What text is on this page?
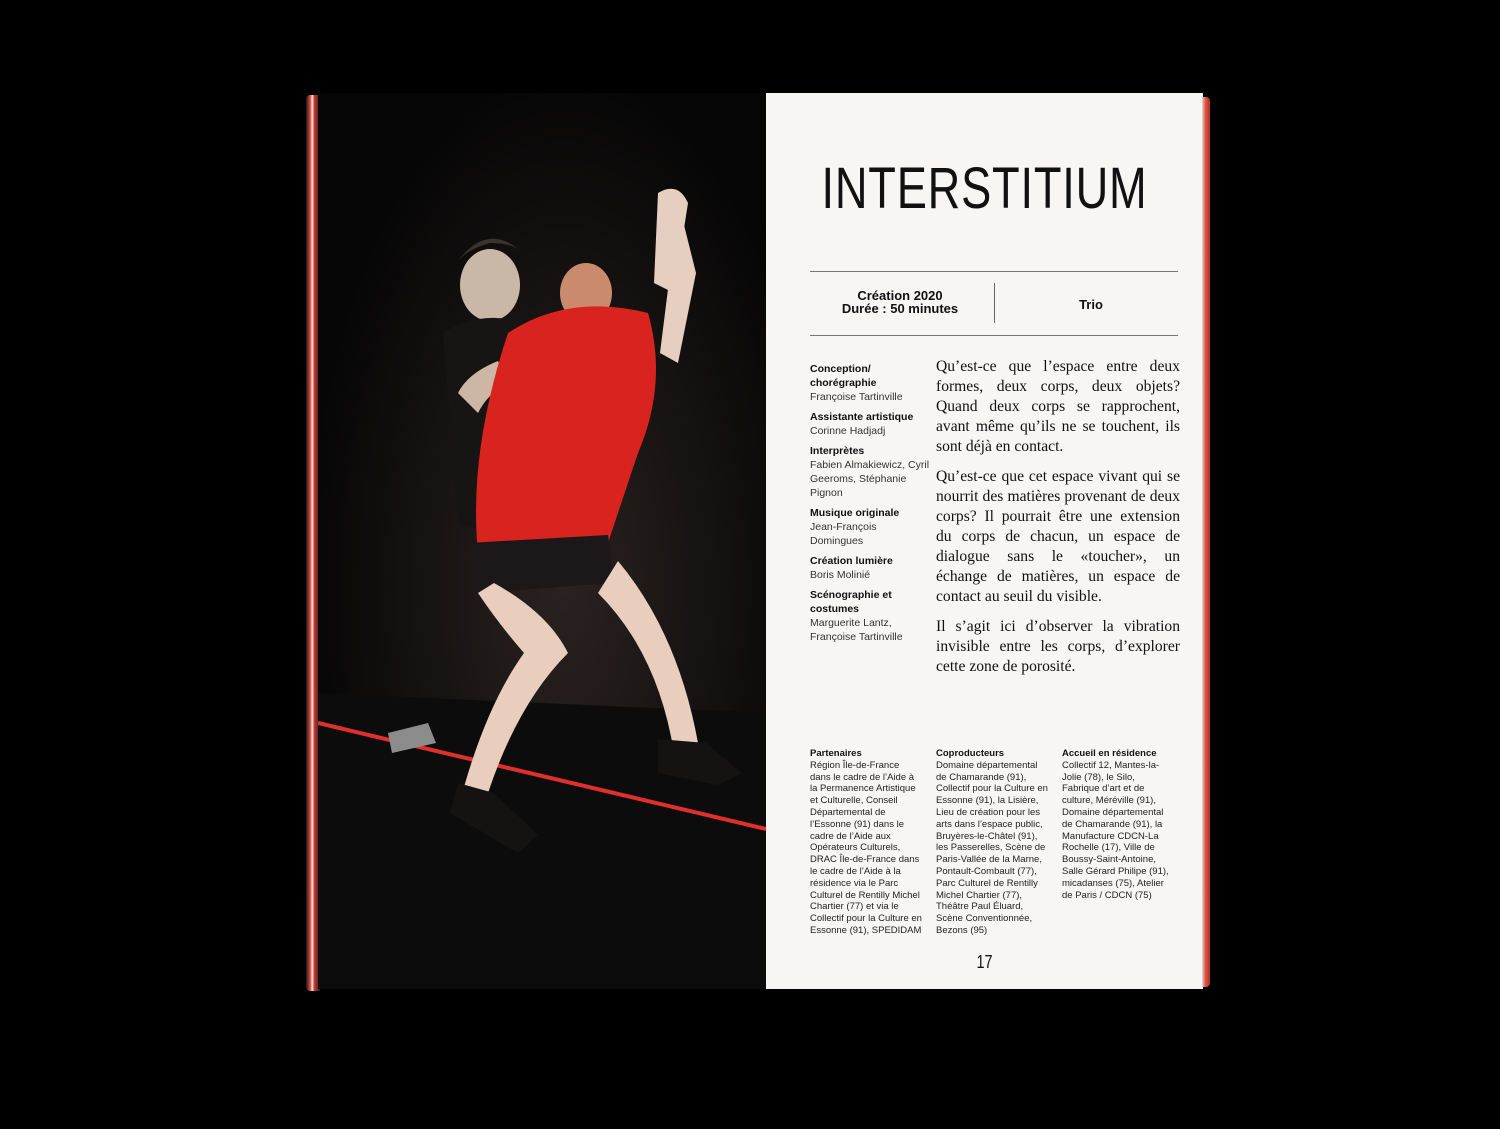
INTERSTITIUM
Création 2020
Durée : 50 minutes	Trio
Conception/ chorégraphie
Françoise Tartinville
Assistante artistique
Corinne Hadjadj
Interprètes
Fabien Almakiewicz, Cyril Geeroms, Stéphanie Pignon
Musique originale
Jean-François Domingues
Création lumière
Boris Molinié
Scénographie et costumes
Marguerite Lantz, Françoise Tartinville

Qu’est-ce que l’espace entre deux formes, deux corps, deux objets? Quand deux corps se rapprochent, avant même qu’ils ne se touchent, ils sont déjà en contact.

Qu’est-ce que cet espace vivant qui se nourrit des matières provenant de deux corps? Il pourrait être une extension du corps de chacun, un espace de dialogue sans le «toucher», un échange de matières, un espace de contact au seuil du visible.

Il s’agit ici d’observer la vibration invisible entre les corps, d’explorer cette zone de porosité.

Partenaires
Région Île-de-France dans le cadre de l’Aide à la Permanence Artistique et Culturelle, Conseil Départemental de l’Essonne (91) dans le cadre de l’Aide aux Opérateurs Culturels, DRAC Île-de-France dans le cadre de l’Aide à la résidence via le Parc Culturel de Rentilly Michel Chartier (77) et via le Collectif pour la Culture en Essonne (91), SPEDIDAM
Coproducteurs
Domaine départemental de Chamarande (91), Collectif pour la Culture en Essonne (91), la Lisière, Lieu de création pour les arts dans l’espace public, Bruyères-le-Châtel (91), les Passerelles, Scène de Paris-Vallée de la Marne, Pontault-Combault (77), Parc Culturel de Rentilly Michel Chartier (77), Théâtre Paul Éluard, Scène Conventionnée, Bezons (95)
Accueil en résidence
Collectif 12, Mantes-la-Jolie (78), le Silo, Fabrique d’art et de culture, Méréville (91), Domaine départemental de Chamarande (91), la Manufacture CDCN-La Rochelle (17), Ville de Boussy-Saint-Antoine, Salle Gérard Philipe (91), micadanses (75), Atelier de Paris / CDCN (75)
17
